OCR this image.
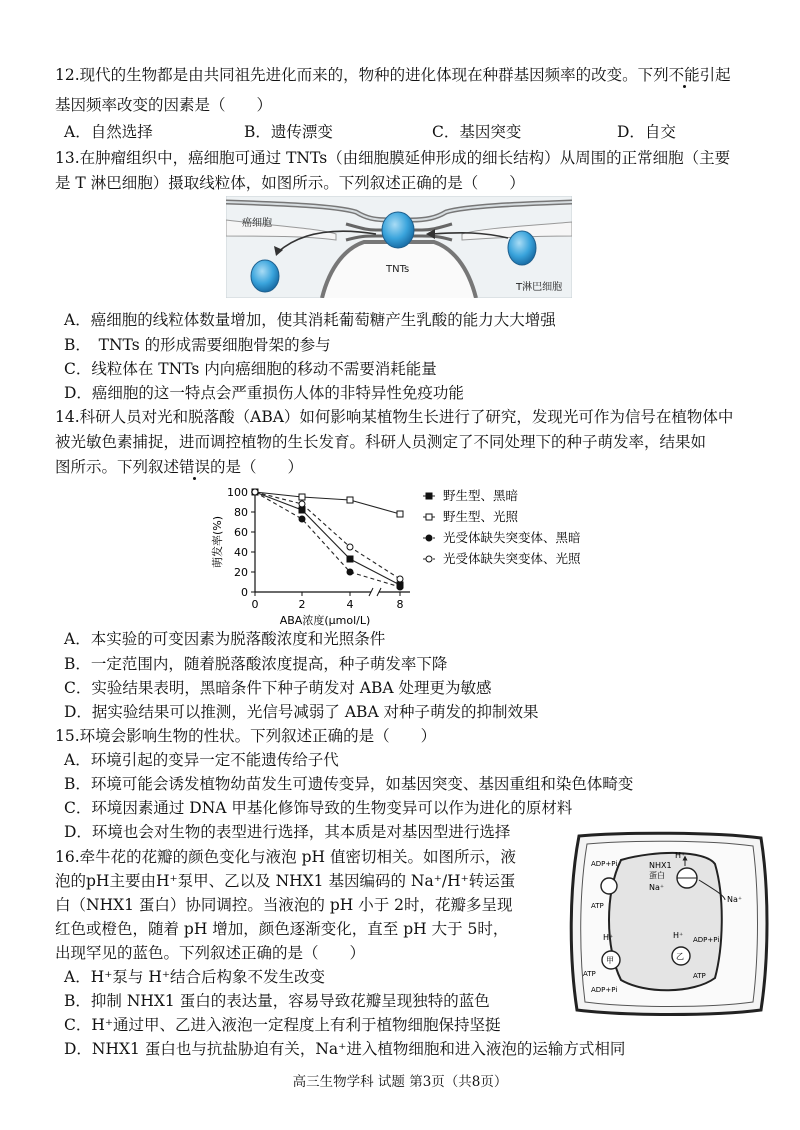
12.现代的生物都是由共同祖先进化而来的，物种的进化体现在种群基因频率的改变。下列不能引起
基因频率改变的因素是（　　）
A．自然选择	B．遗传漂变	C．基因突变	D．自交
13.在肿瘤组织中，癌细胞可通过 TNTs（由细胞膜延伸形成的细长结构）从周围的正常细胞（主要
是 T 淋巴细胞）摄取线粒体，如图所示。下列叙述正确的是（　　）
癌细胞
TNTs
T淋巴细胞
A．癌细胞的线粒体数量增加，使其消耗葡萄糖产生乳酸的能力大大增强
B．　TNTs 的形成需要细胞骨架的参与
C．线粒体在 TNTs 内向癌细胞的移动不需要消耗能量
D．癌细胞的这一特点会严重损伤人体的非特异性免疫功能
14.科研人员对光和脱落酸（ABA）如何影响某植物生长进行了研究，发现光可作为信号在植物体中
被光敏色素捕捉，进而调控植物的生长发育。科研人员测定了不同处理下的种子萌发率，结果如
图所示。下列叙述错误的是（　　）
0
20
40
60
80
100
0	2	4	8
ABA浓度(μmol/L)
萌发率(%)
野生型、黑暗
野生型、光照
光受体缺失突变体、黑暗
光受体缺失突变体、光照
A．本实验的可变因素为脱落酸浓度和光照条件
B．一定范围内，随着脱落酸浓度提高，种子萌发率下降
C．实验结果表明，黑暗条件下种子萌发对 ABA 处理更为敏感
D．据实验结果可以推测，光信号减弱了 ABA 对种子萌发的抑制效果
15.环境会影响生物的性状。下列叙述正确的是（　　）
A．环境引起的变异一定不能遗传给子代
B．环境可能会诱发植物幼苗发生可遗传变异，如基因突变、基因重组和染色体畸变
C．环境因素通过 DNA 甲基化修饰导致的生物变异可以作为进化的原材料
D．环境也会对生物的表型进行选择，其本质是对基因型进行选择
16.牵牛花的花瓣的颜色变化与液泡 pH 值密切相关。如图所示，液
泡的pH主要由H⁺泵甲、乙以及 NHX1 基因编码的 Na⁺/H⁺转运蛋
白（NHX1 蛋白）协同调控。当液泡的 pH 小于 2时，花瓣多呈现
红色或橙色，随着 pH 增加，颜色逐渐变化，直至 pH 大于 5时，
出现罕见的蓝色。下列叙述正确的是（　　）
A．H⁺泵与 H⁺结合后构象不发生改变
B．抑制 NHX1 蛋白的表达量，容易导致花瓣呈现独特的蓝色
C．H⁺通过甲、乙进入液泡一定程度上有利于植物细胞保持坚挺
D．NHX1 蛋白也与抗盐胁迫有关，Na⁺进入植物细胞和进入液泡的运输方式相同
NHX1
蛋白
H⁺
Na⁺
Na⁺
ADP+Pi
ATP
乙
ADP+Pi
ATP
H⁺
甲
H⁺
ATP
ADP+Pi
高三生物学科 试题 第3页（共8页）
